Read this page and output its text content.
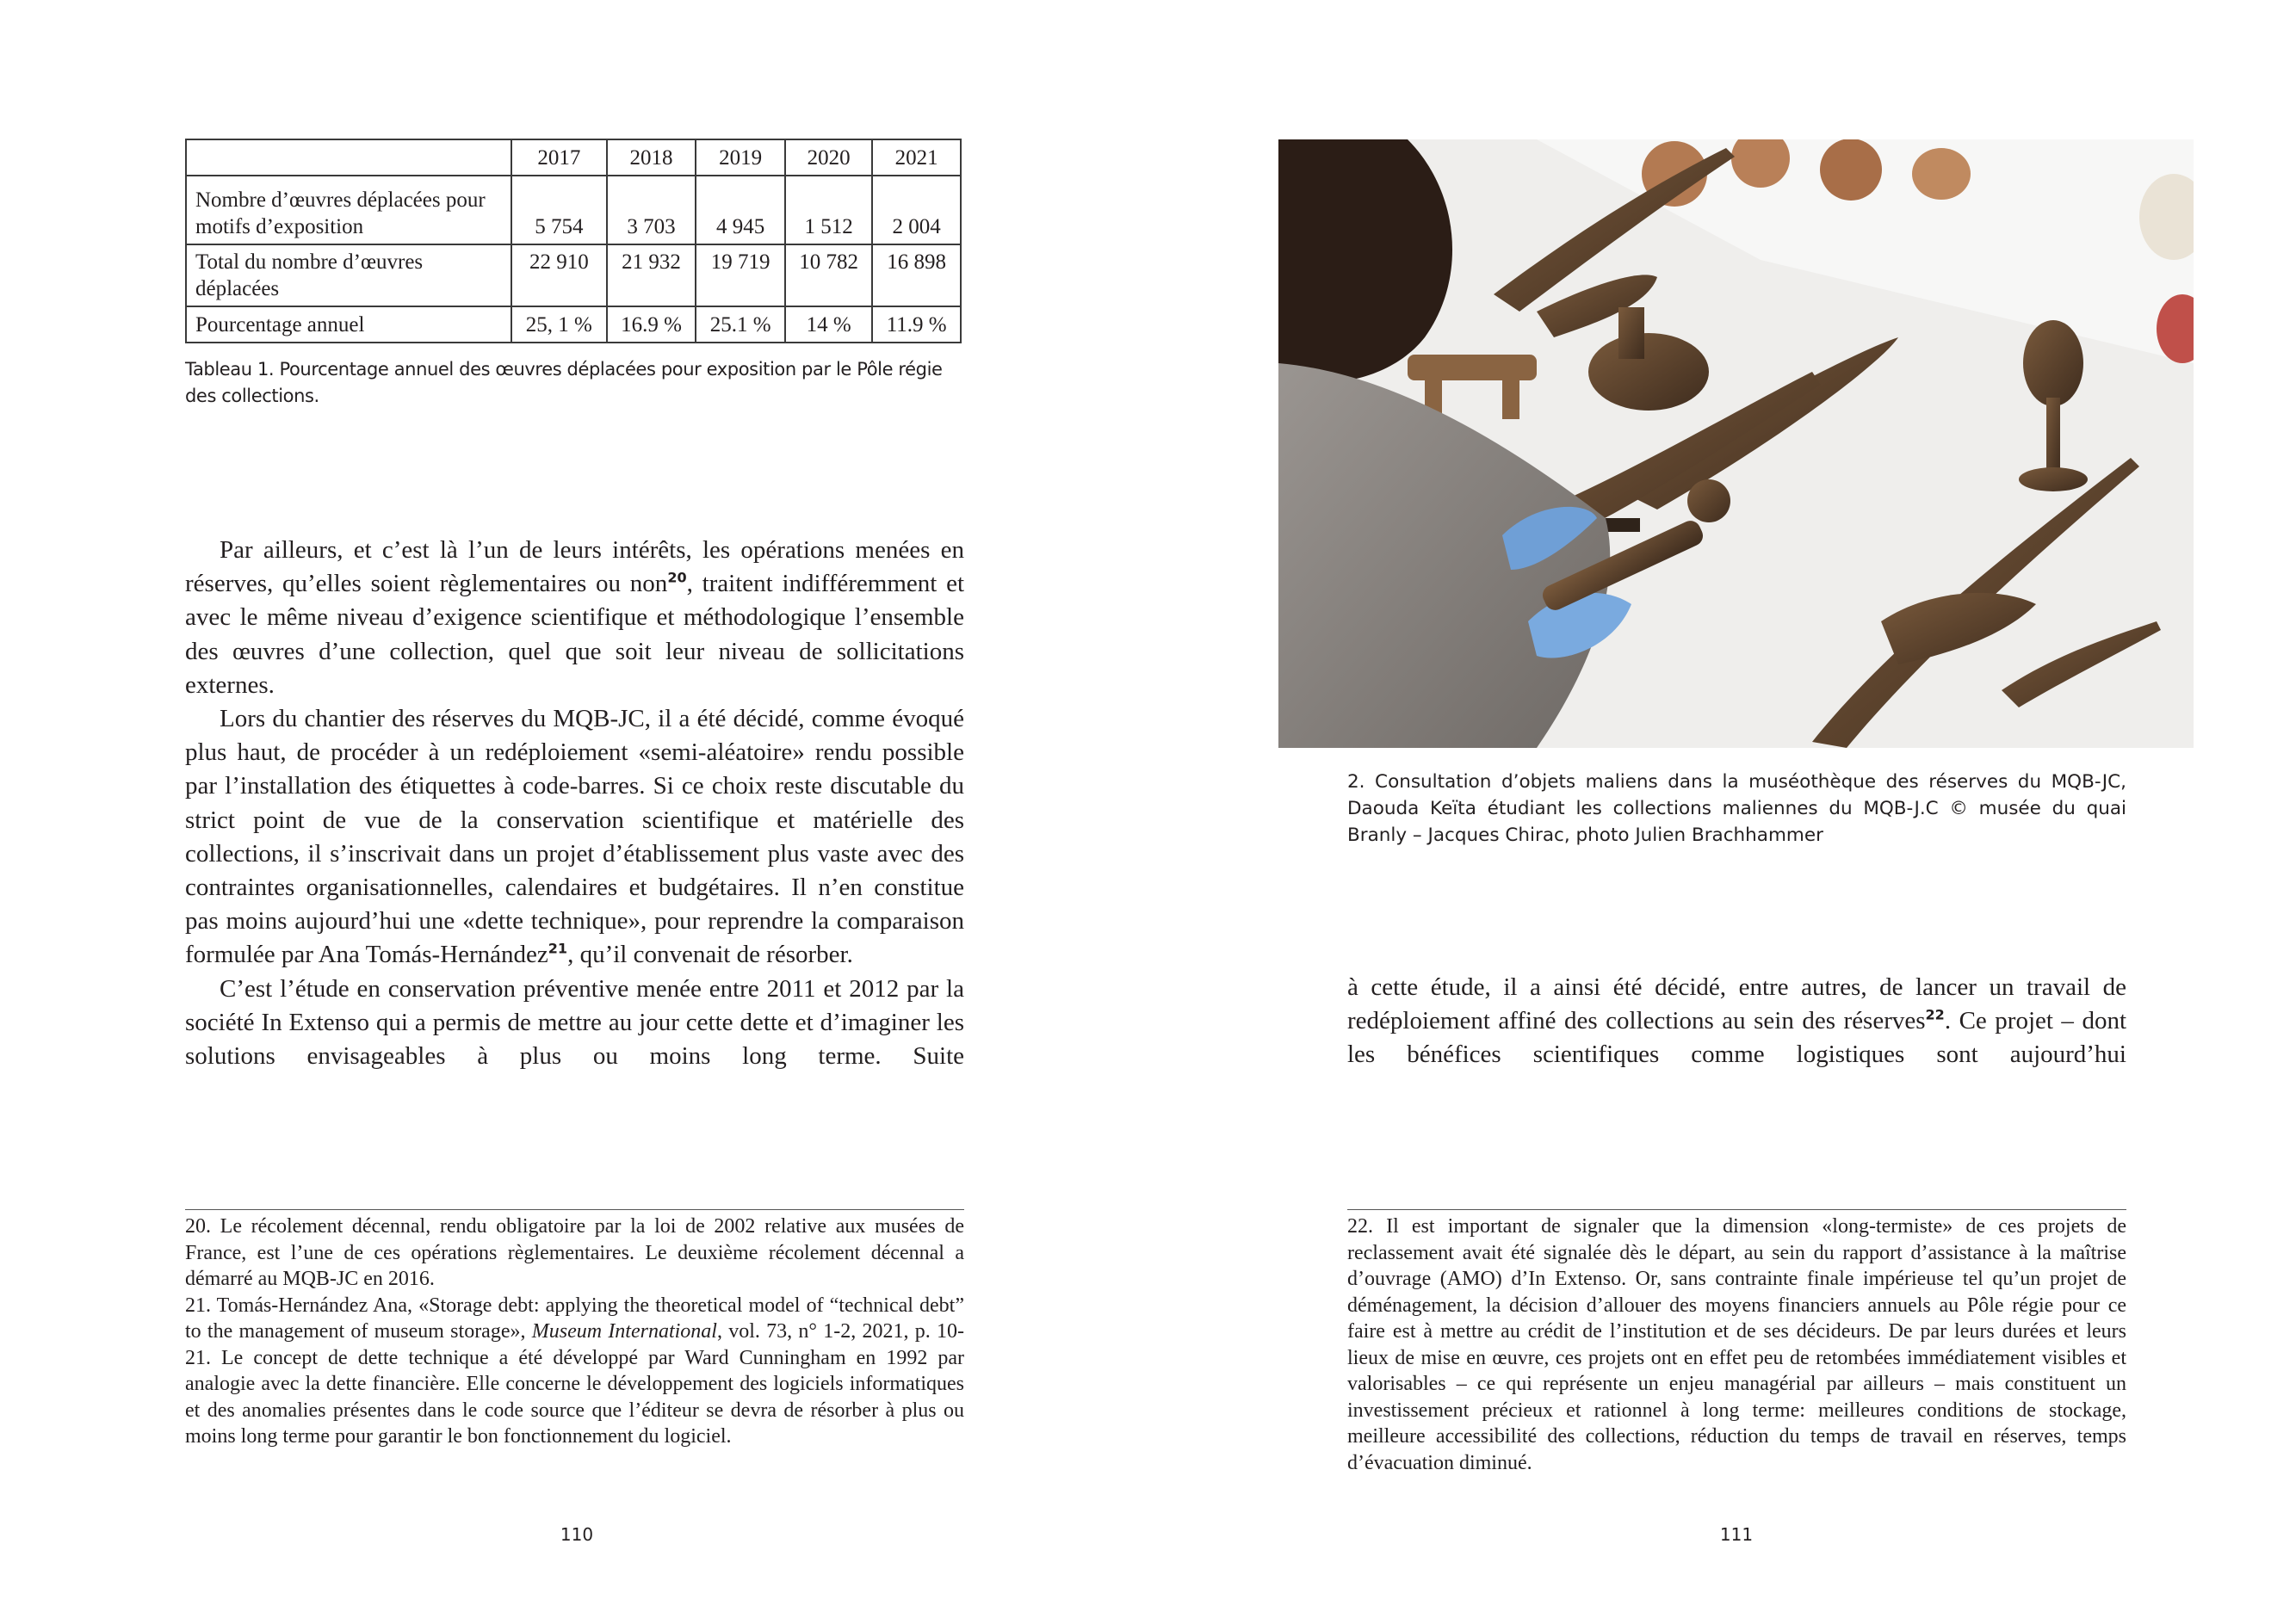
	2017	2018	2019	2020	2021
Nombre d’œuvres déplacées pour motifs d’exposition	5 754	3 703	4 945	1 512	2 004
Total du nombre d’œuvres déplacées	22 910	21 932	19 719	10 782	16 898
Pourcentage annuel	25, 1 %	16.9 %	25.1 %	14 %	11.9 %
Tableau 1. Pourcentage annuel des œuvres déplacées pour exposition par le Pôle régie des collections.

Par ailleurs, et c’est là l’un de leurs intérêts, les opérations menées en réserves, qu’elles soient règlementaires ou non$^{20}$, traitent indifféremment et avec le même niveau d’exigence scientifique et méthodologique l’ensemble des œuvres d’une collection, quel que soit leur niveau de sollicitations externes.

Lors du chantier des réserves du MQB-JC, il a été décidé, comme évoqué plus haut, de procéder à un redéploiement «semi-aléatoire» rendu possible par l’installation des étiquettes à code-barres. Si ce choix reste discutable du strict point de vue de la conservation scientifique et matérielle des collections, il s’inscrivait dans un projet d’établissement plus vaste avec des contraintes organisationnelles, calendaires et budgétaires. Il n’en constitue pas moins aujourd’hui une «dette technique», pour reprendre la comparaison formulée par Ana Tomás-Hernández$^{21}$, qu’il convenait de résorber.

C’est l’étude en conservation préventive menée entre 2011 et 2012 par la société In Extenso qui a permis de mettre au jour cette dette et d’imaginer les solutions envisageables à plus ou moins long terme. Suite

20. Le récolement décennal, rendu obligatoire par la loi de 2002 relative aux musées de France, est l’une de ces opérations règlementaires. Le deuxième récolement décennal a démarré au MQB-JC en 2016.

21. Tomás-Hernández Ana, «Storage debt: applying the theoretical model of “technical debt” to the management of museum storage», Museum International, vol. 73, n° 1-2, 2021, p. 10-21. Le concept de dette technique a été développé par Ward Cunningham en 1992 par analogie avec la dette financière. Elle concerne le développement des logiciels informatiques et des anomalies présentes dans le code source que l’éditeur se devra de résorber à plus ou moins long terme pour garantir le bon fonctionnement du logiciel.

110
2. Consultation d’objets maliens dans la muséothèque des réserves du MQB-JC, Daouda Keïta étudiant les collections maliennes du MQB-J.C © musée du quai Branly – Jacques Chirac, photo Julien Brachhammer

à cette étude, il a ainsi été décidé, entre autres, de lancer un travail de redéploiement affiné des collections au sein des réserves$^{22}$. Ce projet – dont les bénéfices scientifiques comme logistiques sont aujourd’hui

22. Il est important de signaler que la dimension «long-termiste» de ces projets de reclassement avait été signalée dès le départ, au sein du rapport d’assistance à la maîtrise d’ouvrage (AMO) d’In Extenso. Or, sans contrainte finale impérieuse tel qu’un projet de déménagement, la décision d’allouer des moyens financiers annuels au Pôle régie pour ce faire est à mettre au crédit de l’institution et de ses décideurs. De par leurs durées et leurs lieux de mise en œuvre, ces projets ont en effet peu de retombées immédiatement visibles et valorisables – ce qui représente un enjeu managérial par ailleurs – mais constituent un investissement précieux et rationnel à long terme: meilleures conditions de stockage, meilleure accessibilité des collections, réduction du temps de travail en réserves, temps d’évacuation diminué.

111
